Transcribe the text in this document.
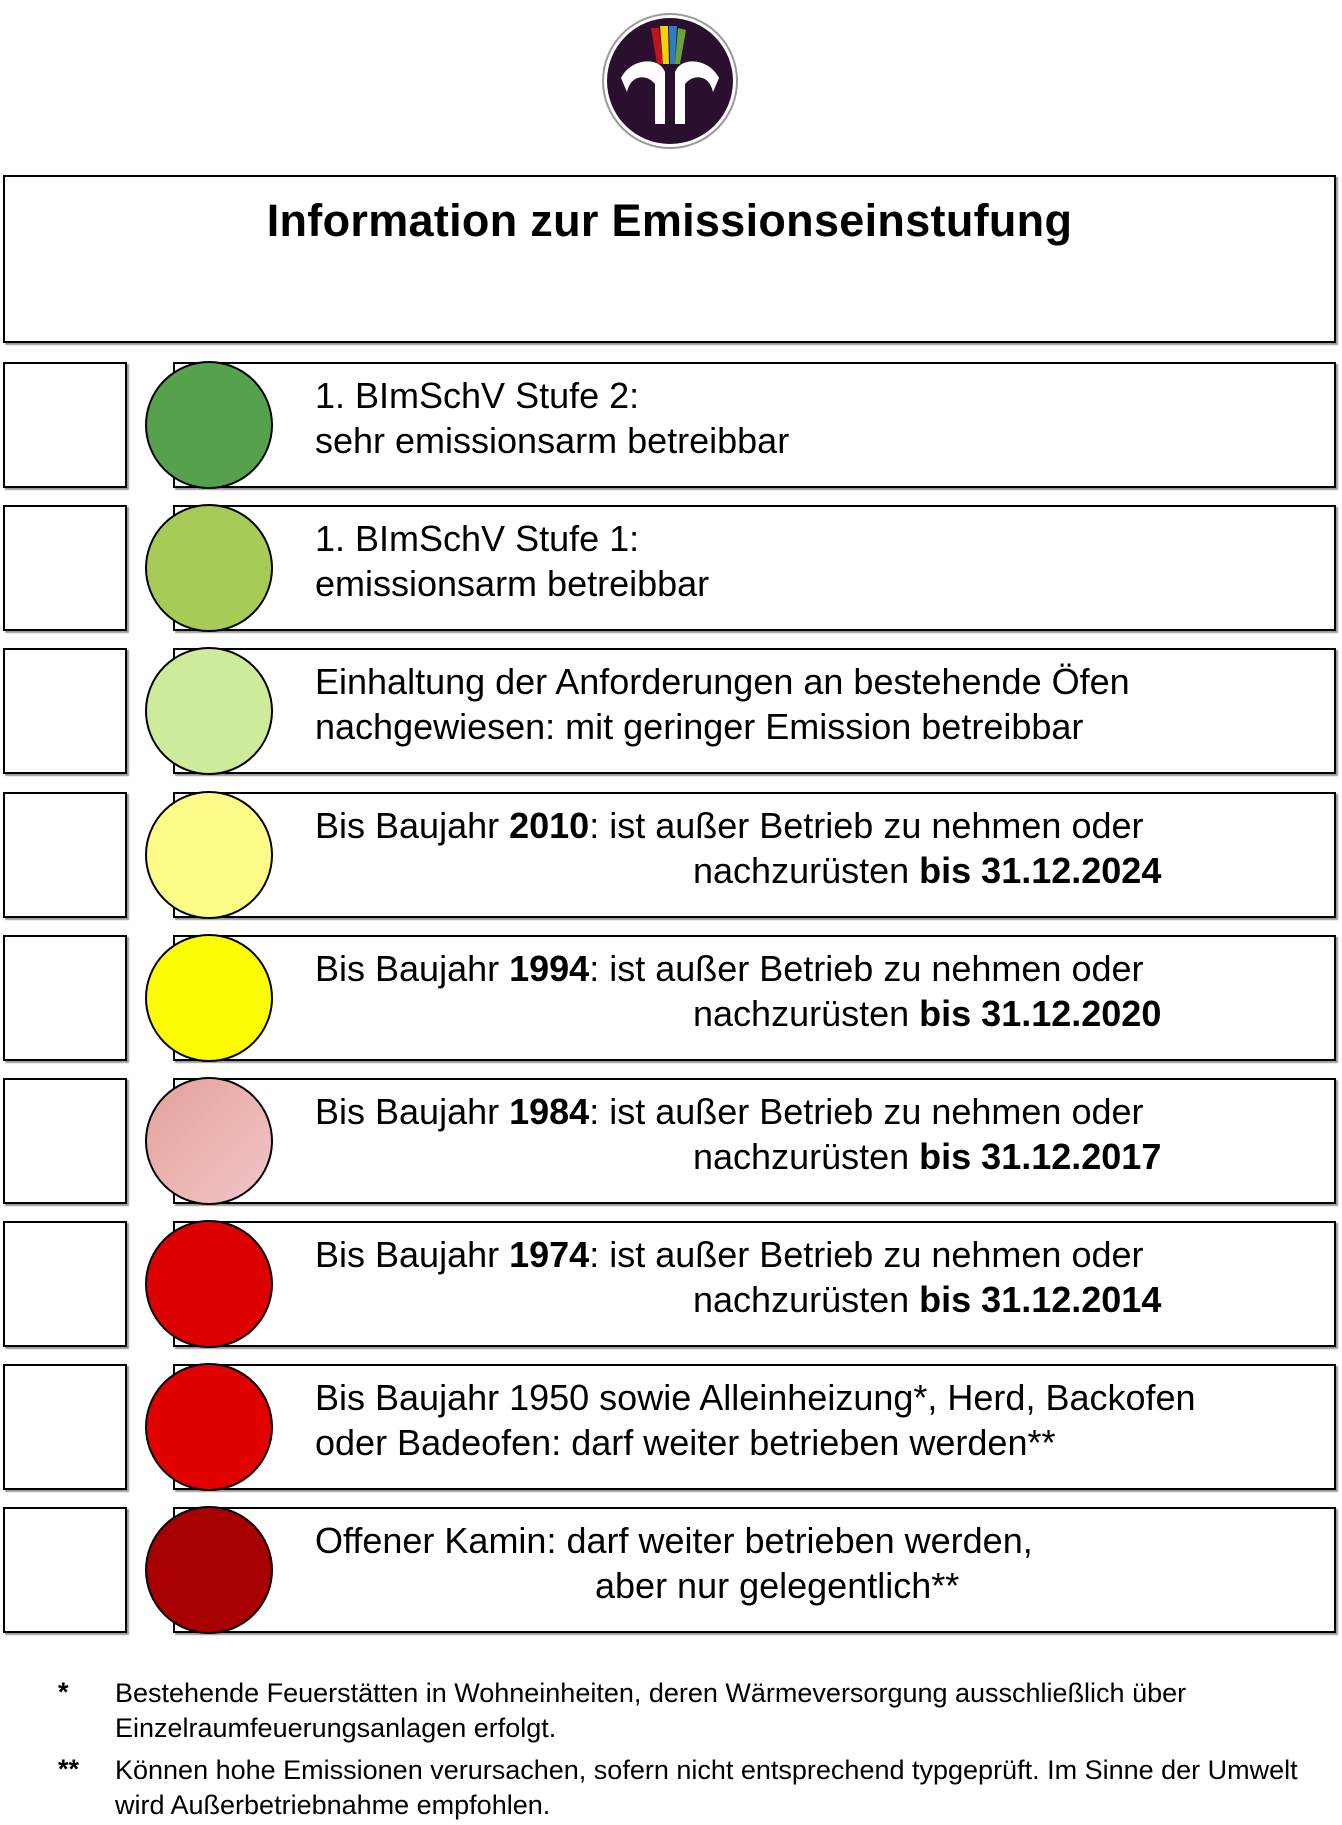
Information zur Emissionseinstufung
1. BImSchV Stufe 2:
sehr emissionsarm betreibbar
1. BImSchV Stufe 1:
emissionsarm betreibbar
Einhaltung der Anforderungen an bestehende Öfen
nachgewiesen: mit geringer Emission betreibbar
Bis Baujahr 2010: ist außer Betrieb zu nehmen oder
nachzurüsten bis 31.12.2024
Bis Baujahr 1994: ist außer Betrieb zu nehmen oder
nachzurüsten bis 31.12.2020
Bis Baujahr 1984: ist außer Betrieb zu nehmen oder
nachzurüsten bis 31.12.2017
Bis Baujahr 1974: ist außer Betrieb zu nehmen oder
nachzurüsten bis 31.12.2014
Bis Baujahr 1950 sowie Alleinheizung*, Herd, Backofen
oder Badeofen: darf weiter betrieben werden**
Offener Kamin: darf weiter betrieben werden,
aber nur gelegentlich**
* Bestehende Feuerstätten in Wohneinheiten, deren Wärmeversorgung ausschließlich über Einzelraumfeuerungsanlagen erfolgt.
** Können hohe Emissionen verursachen, sofern nicht entsprechend typgeprüft. Im Sinne der Umwelt wird Außerbetriebnahme empfohlen.
